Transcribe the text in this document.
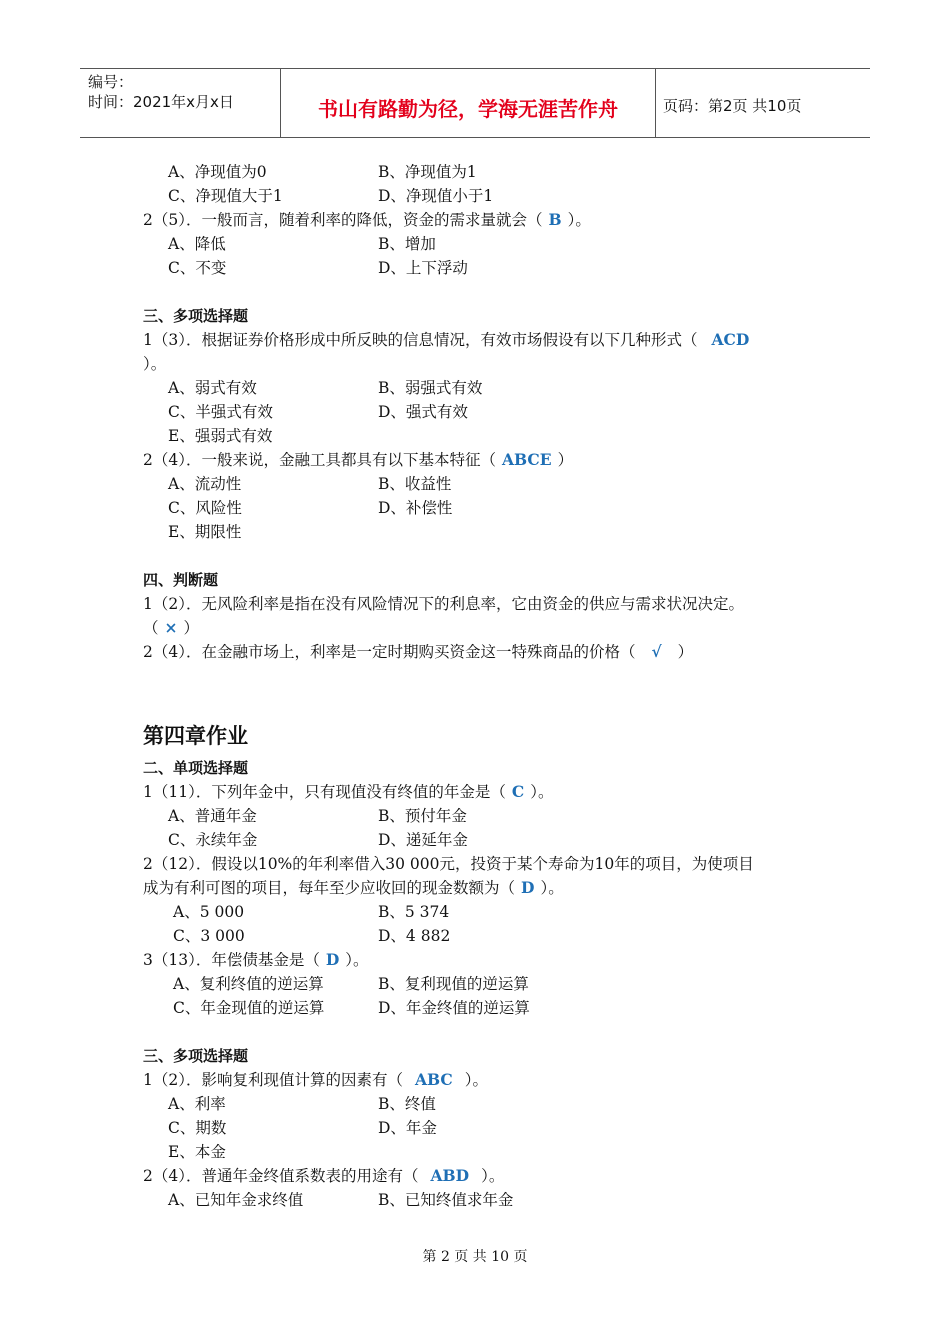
编号：
时间：2021年x月x日	书山有路勤为径，学海无涯苦作舟	页码：第2页 共10页
A、净现值为0	B、净现值为1
C、净现值大于1	D、净现值小于1
2（5）．一般而言，随着利率的降低，资金的需求量就会（ B ）。
A、降低	B、增加
C、不变	D、上下浮动
三、多项选择题
1（3）．根据证券价格形成中所反映的信息情况，有效市场假设有以下几种形式（ ACD
）。
A、弱式有效	B、弱强式有效
C、半强式有效	D、强式有效
E、强弱式有效
2（4）．一般来说，金融工具都具有以下基本特征（ ABCE ）
A、流动性	B、收益性
C、风险性	D、补偿性
E、期限性
四、判断题
1（2）．无风险利率是指在没有风险情况下的利息率，它由资金的供应与需求状况决定。
（ × ）
2（4）．在金融市场上，利率是一定时期购买资金这一特殊商品的价格（ √ ）
第四章作业
二、单项选择题
1（11）．下列年金中，只有现值没有终值的年金是（ C ）。
A、普通年金	B、预付年金
C、永续年金	D、递延年金
2（12）．假设以10%的年利率借入30 000元，投资于某个寿命为10年的项目，为使项目
成为有利可图的项目，每年至少应收回的现金数额为（ D ）。
A、5 000	B、5 374
C、3 000	D、4 882
3（13）．年偿债基金是（ D ）。
A、复利终值的逆运算	B、复利现值的逆运算
C、年金现值的逆运算	D、年金终值的逆运算
三、多项选择题
1（2）．影响复利现值计算的因素有（ ABC ）。
A、利率	B、终值
C、期数	D、年金
E、本金
2（4）．普通年金终值系数表的用途有（ ABD ）。
A、已知年金求终值	B、已知终值求年金
第 2 页 共 10 页
